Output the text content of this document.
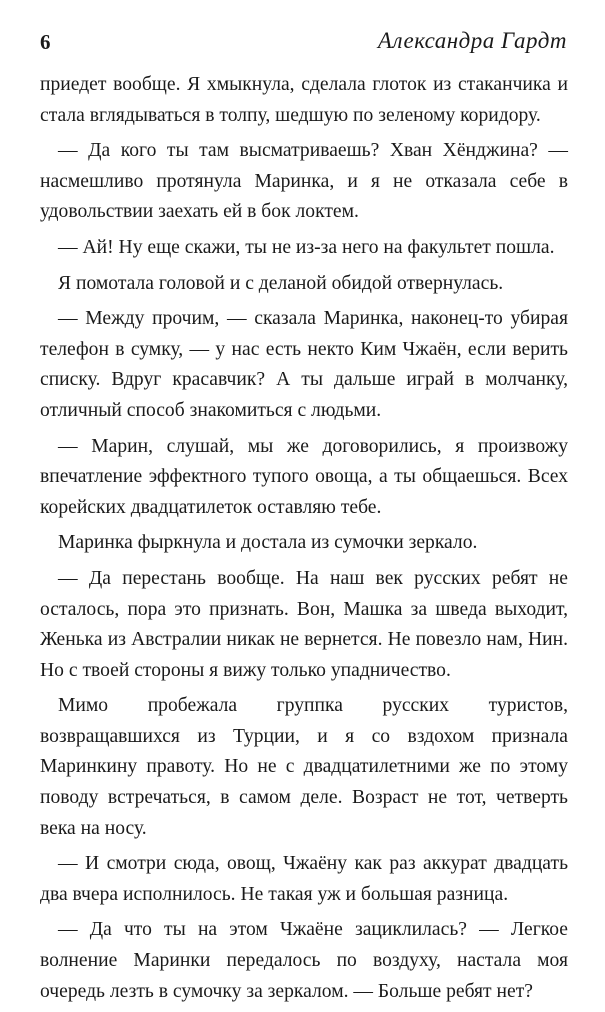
6	Александра Гардт

приедет вообще. Я хмыкнула, сделала глоток из стаканчика и стала вглядываться в толпу, шедшую по зеленому коридору.

— Да кого ты там высматриваешь? Хван Хёнджина? — насмешливо протянула Маринка, и я не отказала себе в удовольствии заехать ей в бок локтем.

— Ай! Ну еще скажи, ты не из-за него на факультет пошла.

Я помотала головой и с деланой обидой отвернулась.

— Между прочим, — сказала Маринка, наконец-то убирая телефон в сумку, — у нас есть некто Ким Чжаён, если верить списку. Вдруг красавчик? А ты дальше играй в молчанку, отличный способ знакомиться с людьми.

— Марин, слушай, мы же договорились, я произвожу впечатление эффектного тупого овоща, а ты общаешься. Всех корейских двадцатилеток оставляю тебе.

Маринка фыркнула и достала из сумочки зеркало.

— Да перестань вообще. На наш век русских ребят не осталось, пора это признать. Вон, Машка за шведа выходит, Женька из Австралии никак не вернется. Не повезло нам, Нин. Но с твоей стороны я вижу только упадничество.

Мимо пробежала группка русских туристов, возвращавшихся из Турции, и я со вздохом признала Маринкину правоту. Но не с двадцатилетними же по этому поводу встречаться, в самом деле. Возраст не тот, четверть века на носу.

— И смотри сюда, овощ, Чжаёну как раз аккурат двадцать два вчера исполнилось. Не такая уж и большая разница.

— Да что ты на этом Чжаёне зациклилась? — Легкое волнение Маринки передалось по воздуху, настала моя очередь лезть в сумочку за зеркалом. — Больше ребят нет?
